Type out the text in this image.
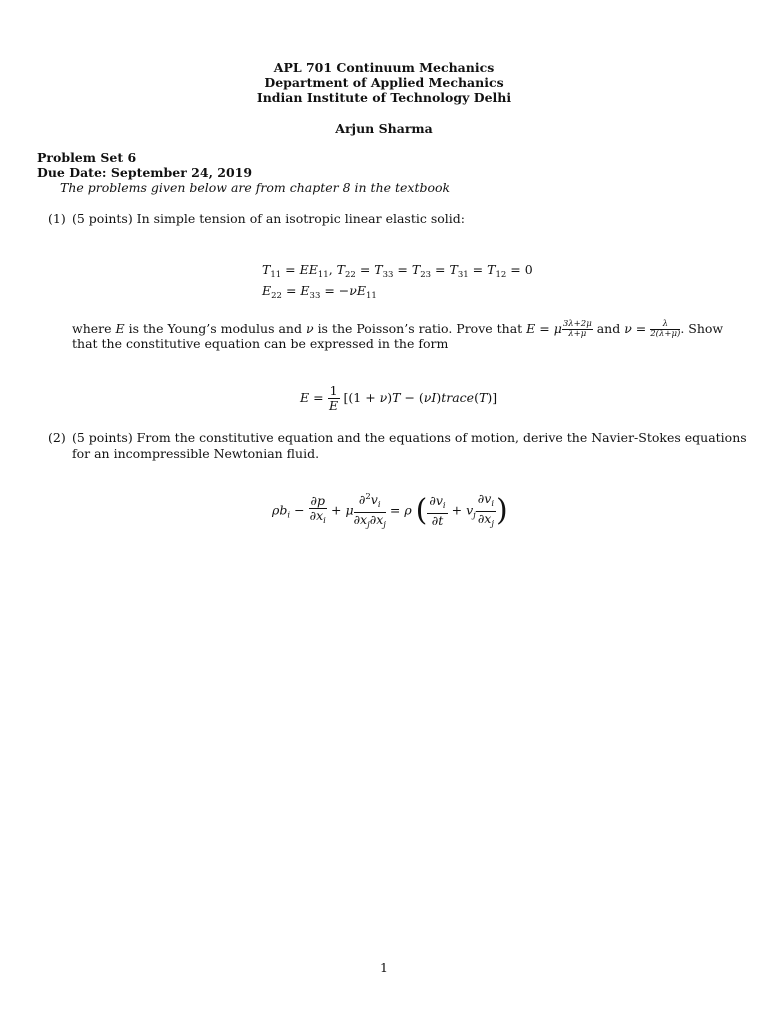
APL 701 Continuum Mechanics
Department of Applied Mechanics
Indian Institute of Technology Delhi
Arjun Sharma
Problem Set 6
Due Date: September 24, 2019
The problems given below are from chapter 8 in the textbook
(1) (5 points) In simple tension of an isotropic linear elastic solid:
$T_{11} = EE_{11}$, $T_{22} = T_{33} = T_{23} = T_{31} = T_{12} = 0$
$E_{22} = E_{33} = -\nu E_{11}$
where E is the Young’s modulus and ν is the Poisson’s ratio. Prove that E = μ $\frac{3\lambda+2\mu}{\lambda+\mu}$ and $\nu = \frac{\lambda}{2(\lambda+\mu)}$ . Show
that the constitutive equation can be expressed in the form
$E = \frac{1}{E} [(1 + \nu)T$ − (νI)trace(T)]
(2) (5 points) From the constitutive equation and the equations of motion, derive the Navier-Stokes equations
for an incompressible Newtonian fluid.
$\rho b_i - \frac{\partial p}{\partial x_i} + \mu \frac{\partial^2v_i}{\partial x_j\partial x_j} = \rho$ ( $\frac{\partial v_i}{\partial t} + v_j \frac{\partial v_i}{\partial x_j}$ )
1
